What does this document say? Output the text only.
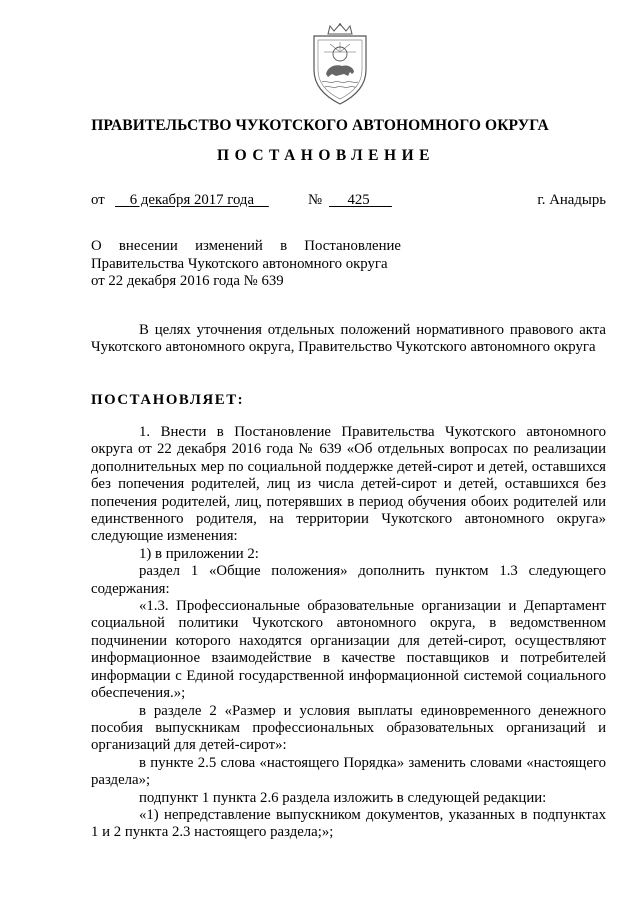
ПРАВИТЕЛЬСТВО ЧУКОТСКОГО АВТОНОМНОГО ОКРУГА
ПОСТАНОВЛЕНИЕ
от	6 декабря 2017 года	№	425	г. Анадырь
О внесении изменений в Постановление
Правительства Чукотского автономного округа
от 22 декабря 2016 года № 639

В целях уточнения отдельных положений нормативного правового акта Чукотского автономного округа, Правительство Чукотского автономного округа

ПОСТАНОВЛЯЕТ:

1. Внести в Постановление Правительства Чукотского автономного округа от 22 декабря 2016 года № 639 «Об отдельных вопросах по реализации дополнительных мер по социальной поддержке детей-сирот и детей, оставшихся без попечения родителей, лиц из числа детей-сирот и детей, оставшихся без попечения родителей, лиц, потерявших в период обучения обоих родителей или единственного родителя, на территории Чукотского автономного округа» следующие изменения:

1) в приложении 2:

раздел 1 «Общие положения» дополнить пунктом 1.3 следующего содержания:

«1.3. Профессиональные образовательные организации и Департамент социальной политики Чукотского автономного округа, в ведомственном подчинении которого находятся организации для детей-сирот, осуществляют информационное взаимодействие в качестве поставщиков и потребителей информации с Единой государственной информационной системой социального обеспечения.»;

в разделе 2 «Размер и условия выплаты единовременного денежного пособия выпускникам профессиональных образовательных организаций и организаций для детей-сирот»:

в пункте 2.5 слова «настоящего Порядка» заменить словами «настоящего раздела»;

подпункт 1 пункта 2.6 раздела изложить в следующей редакции:

«1) непредставление выпускником документов, указанных в подпунктах 1 и 2 пункта 2.3 настоящего раздела;»;
